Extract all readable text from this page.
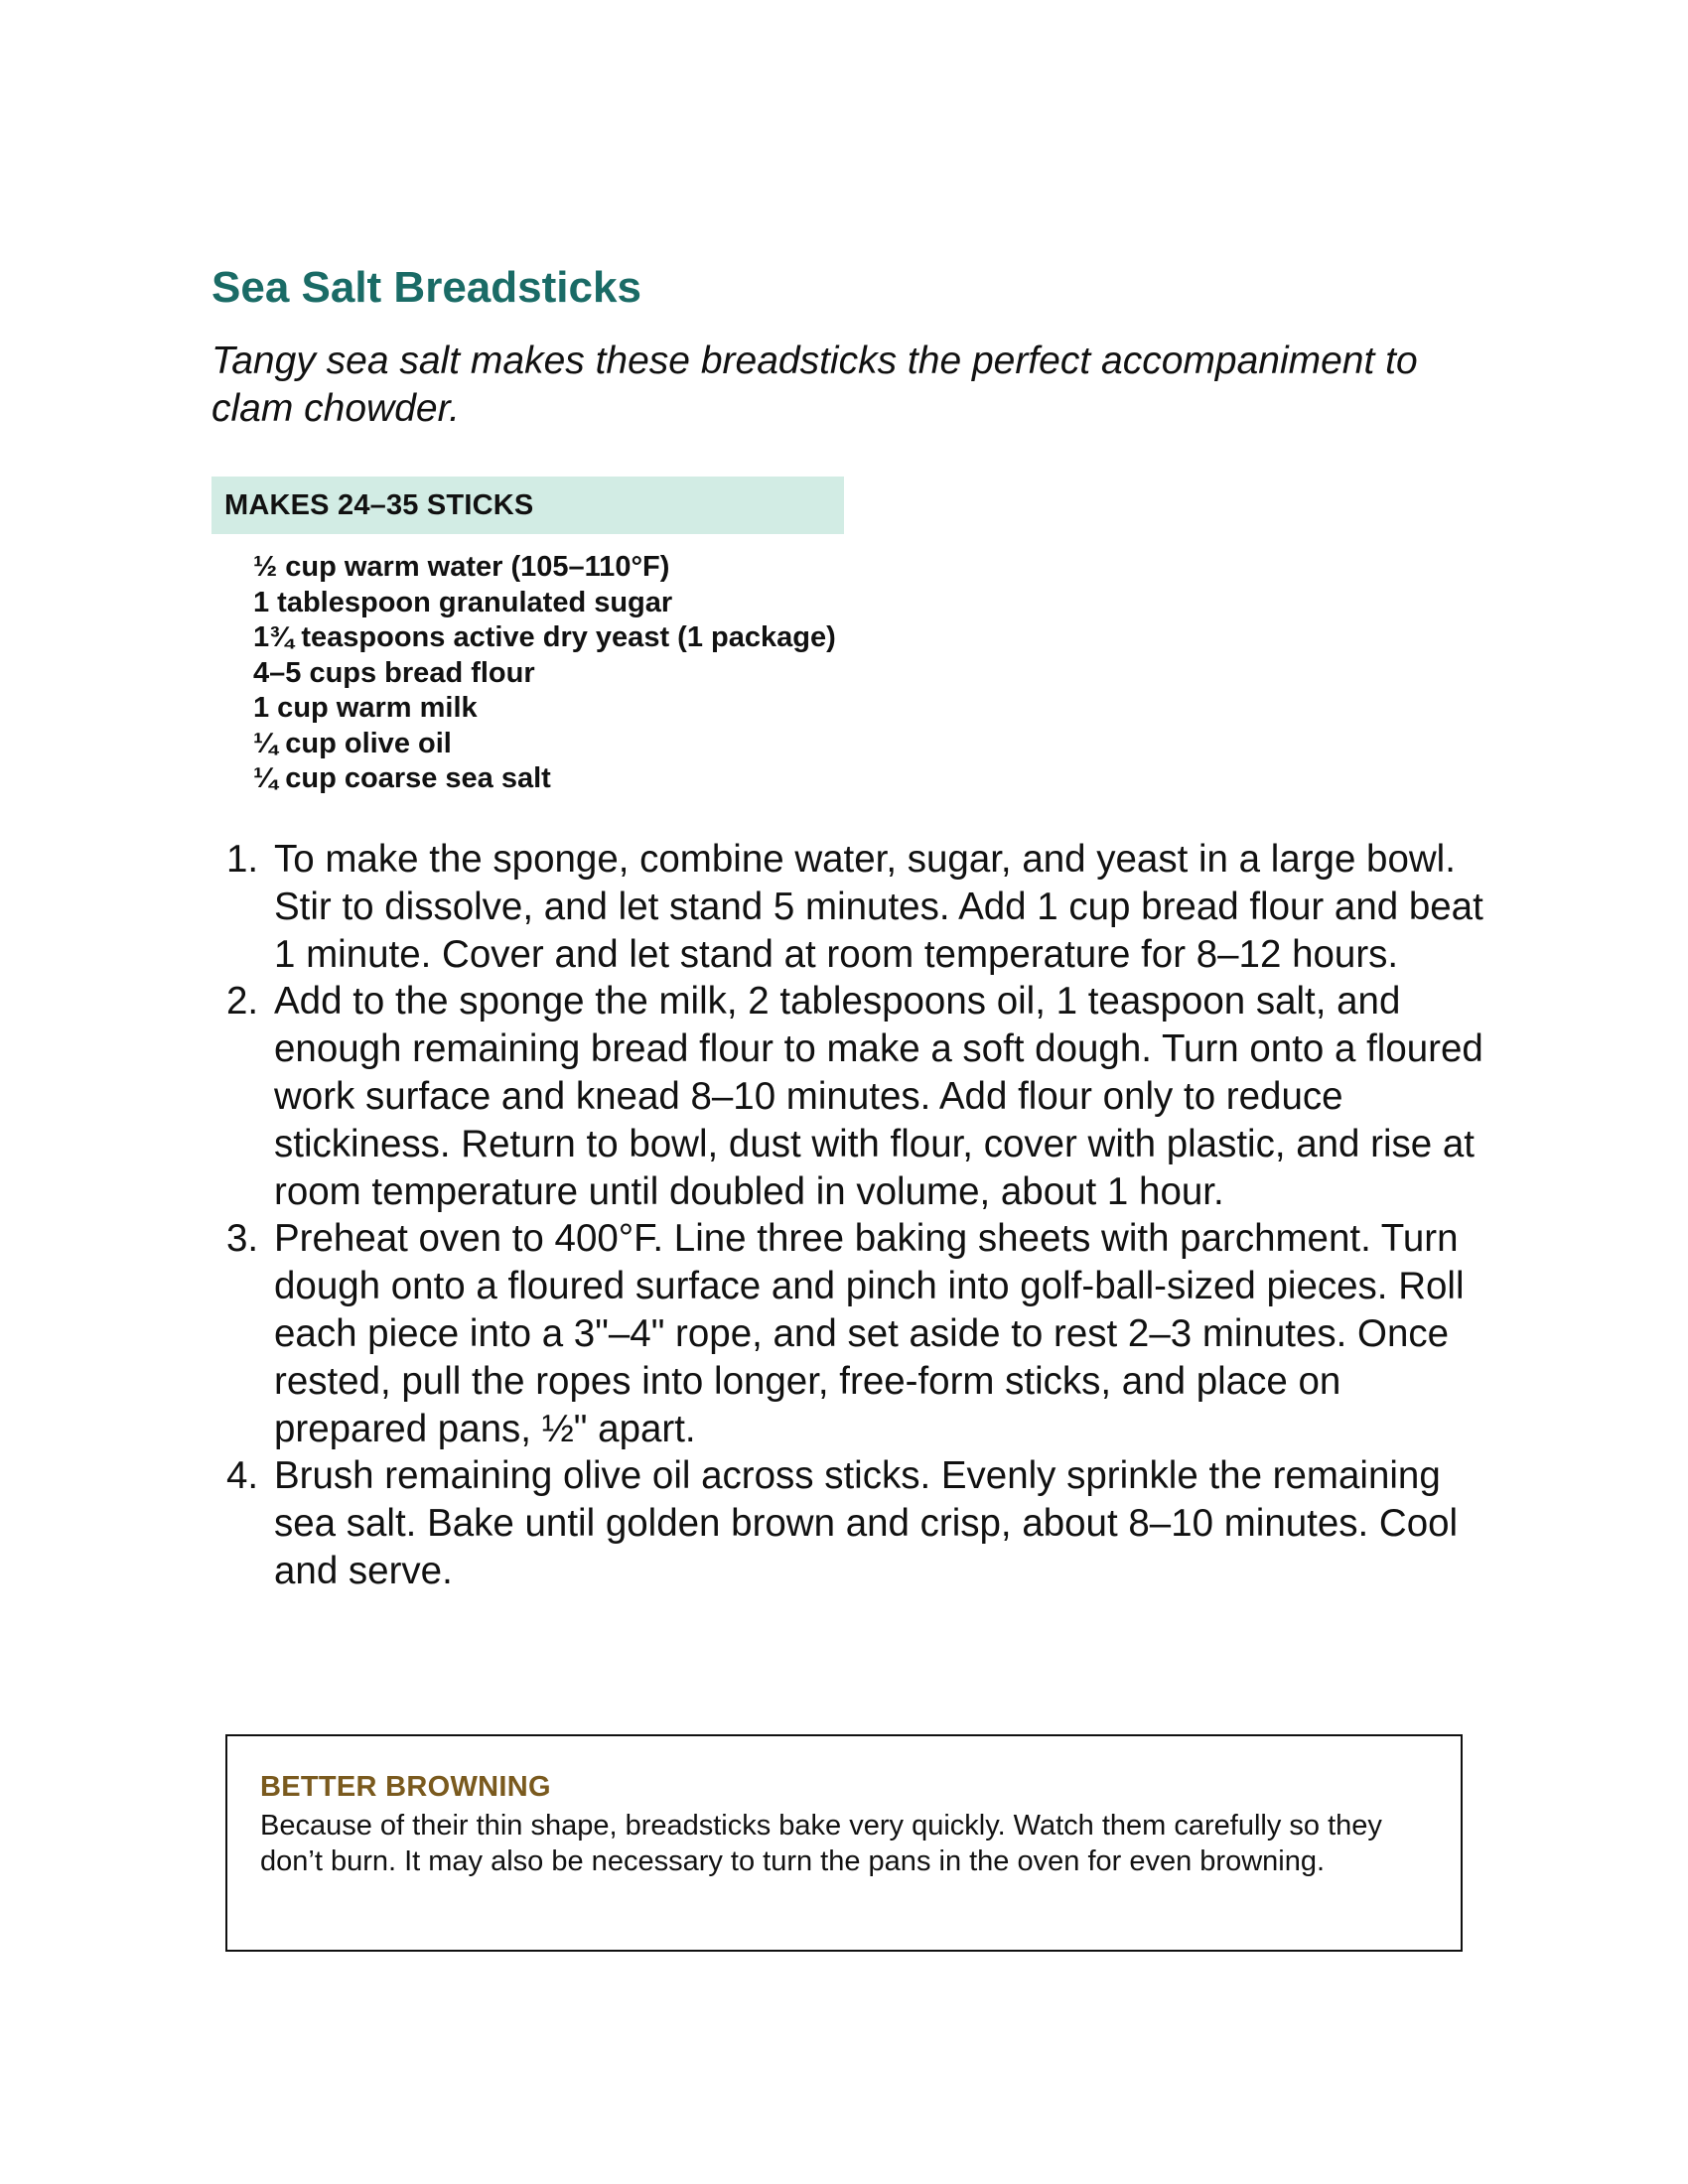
Sea Salt Breadsticks

Tangy sea salt makes these breadsticks the perfect accompaniment to clam chowder.

MAKES 24–35 STICKS
½ cup warm water (105–110°F)
1 tablespoon granulated sugar
1¾ teaspoons active dry yeast (1 package)
4–5 cups bread flour
1 cup warm milk
¼ cup olive oil
¼ cup coarse sea salt
1. To make the sponge, combine water, sugar, and yeast in a large bowl. Stir to dissolve, and let stand 5 minutes. Add 1 cup bread flour and beat 1 minute. Cover and let stand at room temperature for 8–12 hours.
2. Add to the sponge the milk, 2 tablespoons oil, 1 teaspoon salt, and enough remaining bread flour to make a soft dough. Turn onto a floured work surface and knead 8–10 minutes. Add flour only to reduce stickiness. Return to bowl, dust with flour, cover with plastic, and rise at room temperature until doubled in volume, about 1 hour.
3. Preheat oven to 400°F. Line three baking sheets with parchment. Turn dough onto a floured surface and pinch into golf-ball-sized pieces. Roll each piece into a 3"–4" rope, and set aside to rest 2–3 minutes. Once rested, pull the ropes into longer, free-form sticks, and place on prepared pans, ½" apart.
4. Brush remaining olive oil across sticks. Evenly sprinkle the remaining sea salt. Bake until golden brown and crisp, about 8–10 minutes. Cool and serve.
BETTER BROWNING

Because of their thin shape, breadsticks bake very quickly. Watch them carefully so they don’t burn. It may also be necessary to turn the pans in the oven for even browning.
